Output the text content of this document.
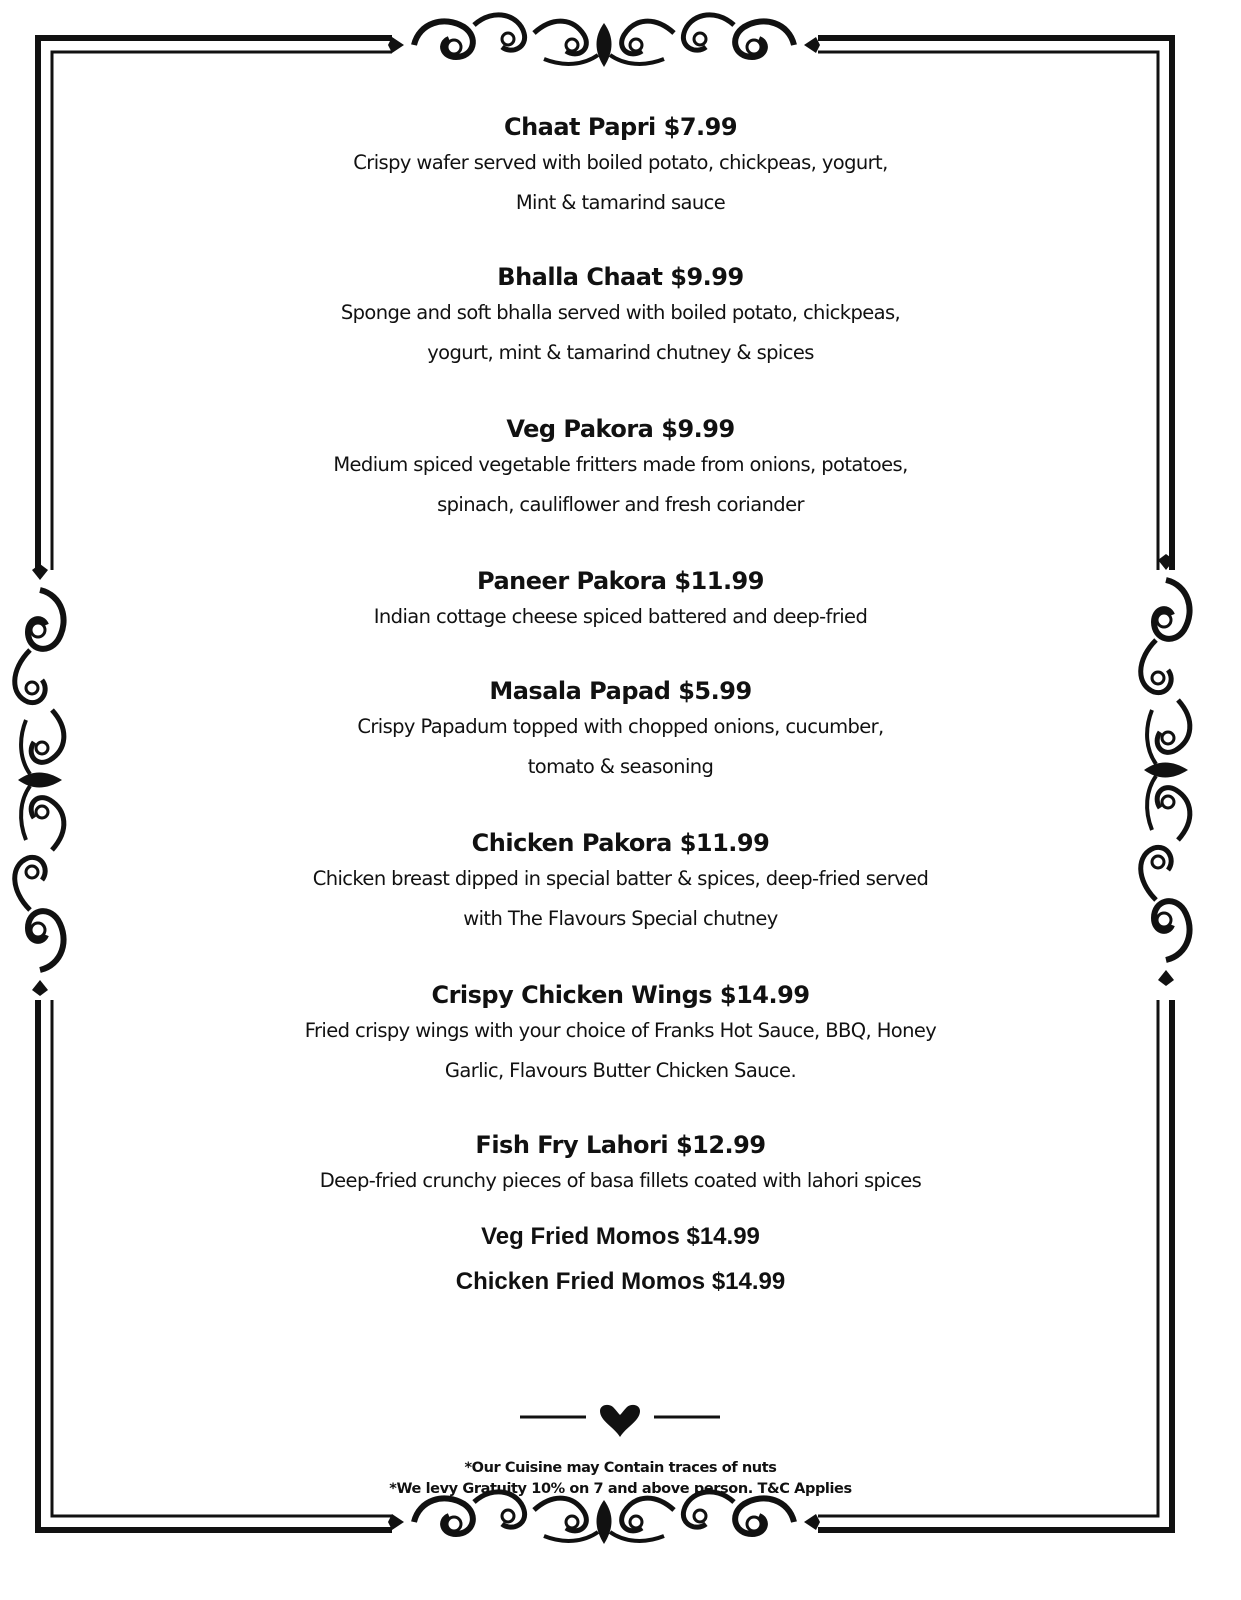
Chaat Papri $7.99

Crispy wafer served with boiled potato, chickpeas, yogurt,
Mint & tamarind sauce

Bhalla Chaat $9.99

Sponge and soft bhalla served with boiled potato, chickpeas,
yogurt, mint & tamarind chutney & spices

Veg Pakora $9.99

Medium spiced vegetable fritters made from onions, potatoes,
spinach, cauliflower and fresh coriander

Paneer Pakora $11.99

Indian cottage cheese spiced battered and deep-fried

Masala Papad $5.99

Crispy Papadum topped with chopped onions, cucumber,
tomato & seasoning

Chicken Pakora $11.99

Chicken breast dipped in special batter & spices, deep-fried served
with The Flavours Special chutney

Crispy Chicken Wings $14.99

Fried crispy wings with your choice of Franks Hot Sauce, BBQ, Honey
Garlic, Flavours Butter Chicken Sauce.

Fish Fry Lahori $12.99

Deep-fried crunchy pieces of basa fillets coated with lahori spices

Veg Fried Momos $14.99

Chicken Fried Momos $14.99

*Our Cuisine may Contain traces of nuts
*We levy Gratuity 10% on 7 and above person. T&C Applies
